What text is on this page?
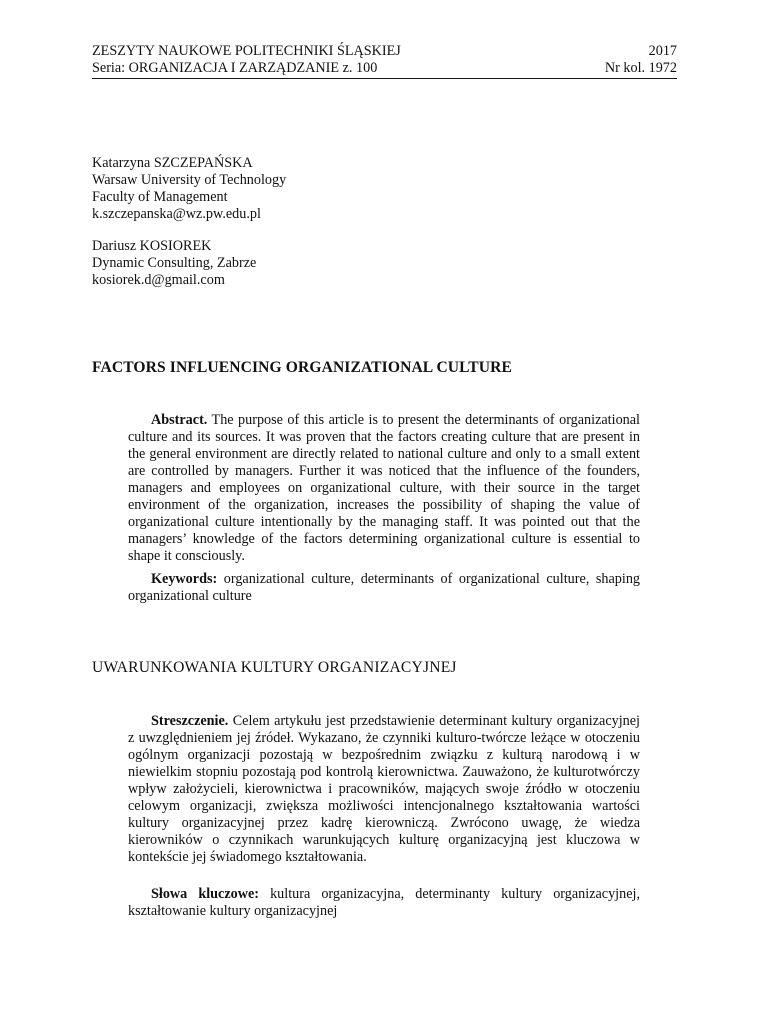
ZESZYTY NAUKOWE POLITECHNIKI ŚLĄSKIEJ	2017
Seria: ORGANIZACJA I ZARZĄDZANIE z. 100	Nr kol. 1972
Katarzyna SZCZEPAŃSKA
Warsaw University of Technology
Faculty of Management
k.szczepanska@wz.pw.edu.pl
Dariusz KOSIOREK
Dynamic Consulting, Zabrze
kosiorek.d@gmail.com
FACTORS INFLUENCING ORGANIZATIONAL CULTURE
Abstract. The purpose of this article is to present the determinants of organizational culture and its sources. It was proven that the factors creating culture that are present in the general environment are directly related to national culture and only to a small extent are controlled by managers. Further it was noticed that the influence of the founders, managers and employees on organizational culture, with their source in the target environment of the organization, increases the possibility of shaping the value of organizational culture intentionally by the managing staff. It was pointed out that the managers’ knowledge of the factors determining organizational culture is essential to shape it consciously.
Keywords: organizational culture, determinants of organizational culture, shaping organizational culture
UWARUNKOWANIA KULTURY ORGANIZACYJNEJ
Streszczenie. Celem artykułu jest przedstawienie determinant kultury organizacyjnej z uwzględnieniem jej źródeł. Wykazano, że czynniki kulturo-twórcze leżące w otoczeniu ogólnym organizacji pozostają w bezpośrednim związku z kulturą narodową i w niewielkim stopniu pozostają pod kontrolą kierownictwa. Zauważono, że kulturotwórczy wpływ założycieli, kierownictwa i pracowników, mających swoje źródło w otoczeniu celowym organizacji, zwiększa możliwości intencjonalnego kształtowania wartości kultury organizacyjnej przez kadrę kierowniczą. Zwrócono uwagę, że wiedza kierowników o czynnikach warunkujących kulturę organizacyjną jest kluczowa w kontekście jej świadomego kształtowania.
Słowa kluczowe: kultura organizacyjna, determinanty kultury organizacyjnej, kształtowanie kultury organizacyjnej
